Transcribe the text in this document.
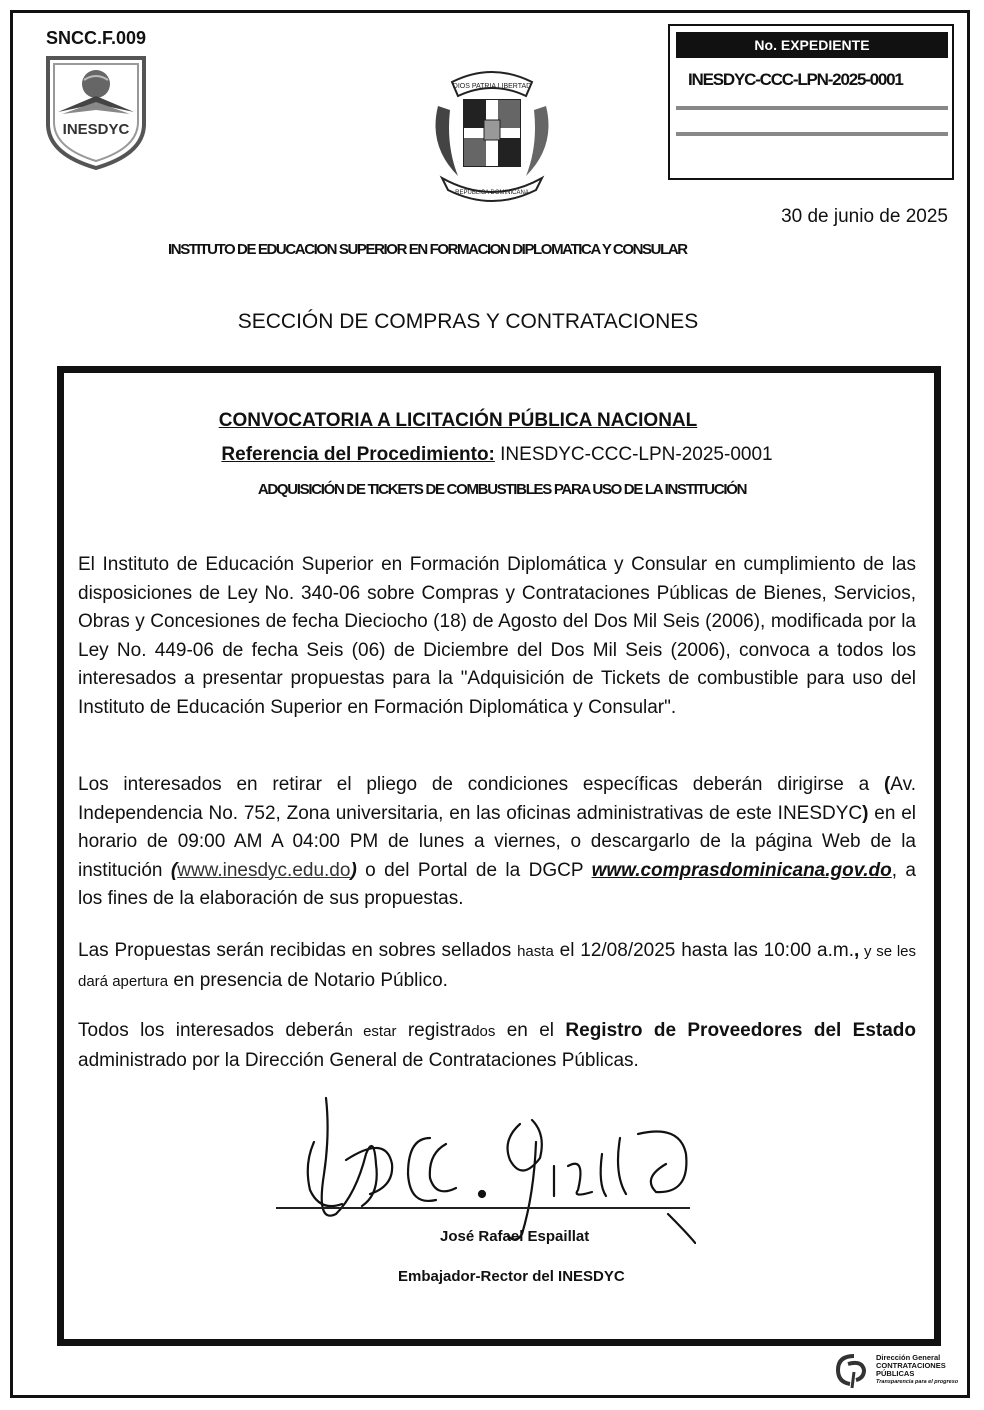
SNCC.F.009
INESDYC
DIOS PATRIA LIBERTAD
REPÚBLICA DOMINICANA
No. EXPEDIENTE
INESDYC-CCC-LPN-2025-0001
30 de junio de 2025
INSTITUTO DE EDUCACION SUPERIOR EN FORMACION DIPLOMATICA Y CONSULAR
SECCIÓN DE COMPRAS Y CONTRATACIONES
CONVOCATORIA A LICITACIÓN PÚBLICA NACIONAL
Referencia del Procedimiento: INESDYC-CCC-LPN-2025-0001
ADQUISICIÓN DE TICKETS DE COMBUSTIBLES PARA USO DE LA INSTITUCIÓN
El Instituto de Educación Superior en Formación Diplomática y Consular en cumplimiento de las disposiciones de Ley No. 340-06 sobre Compras y Contrataciones Públicas de Bienes, Servicios, Obras y Concesiones de fecha Dieciocho (18) de Agosto del Dos Mil Seis (2006), modificada por la Ley No. 449-06 de fecha Seis (06) de Diciembre del Dos Mil Seis (2006), convoca a todos los interesados a presentar propuestas para la "Adquisición de Tickets de combustible para uso del Instituto de Educación Superior en Formación Diplomática y Consular".
Los interesados en retirar el pliego de condiciones específicas deberán dirigirse a (Av. Independencia No. 752, Zona universitaria, en las oficinas administrativas de este INESDYC) en el horario de 09:00 AM A 04:00 PM de lunes a viernes, o descargarlo de la página Web de la institución (www.inesdyc.edu.do) o del Portal de la DGCP www.comprasdominicana.gov.do, a los fines de la elaboración de sus propuestas.
Las Propuestas serán recibidas en sobres sellados hasta el 12/08/2025 hasta las 10:00 a.m., y se les dará apertura en presencia de Notario Público.
Todos los interesados deberán estar registrados en el Registro de Proveedores del Estado administrado por la Dirección General de Contrataciones Públicas.
José Rafael Espaillat
Embajador-Rector del INESDYC
Dirección General
CONTRATACIONES
PÚBLICAS
Transparencia para el progreso
